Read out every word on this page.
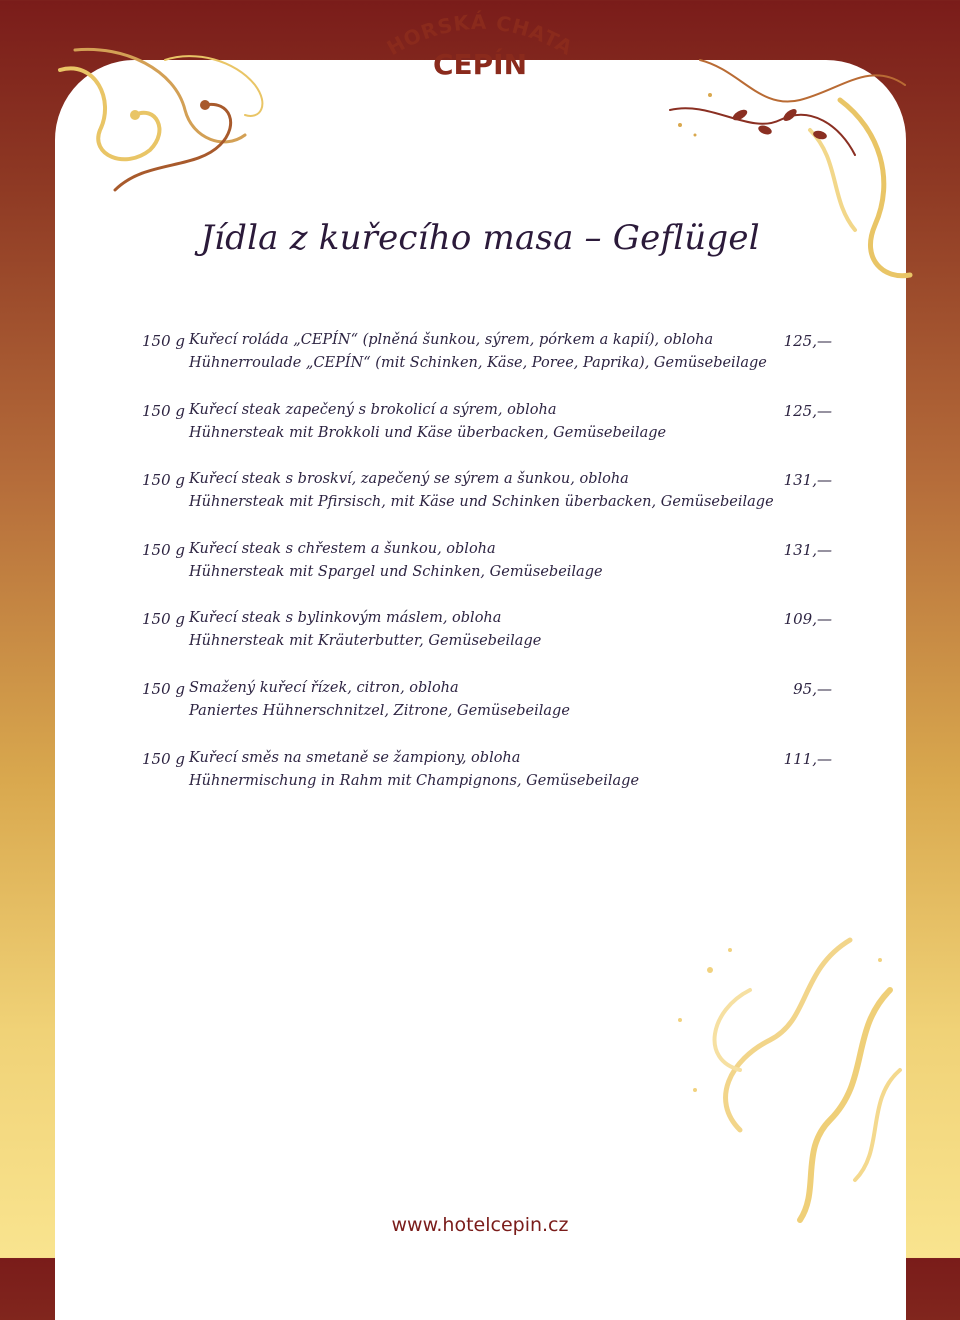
HORSKÁ CHATA
CEPÍN
Jídla z kuřecího masa – Geflügel
150 g Kuřecí roláda „CEPÍN“ (plněná šunkou, sýrem, pórkem a kapií), obloha
Hühnerroulade „CEPÍN“ (mit Schinken, Käse, Poree, Paprika), Gemüsebeilage
125,—
150 g Kuřecí steak zapečený s brokolicí a sýrem, obloha
Hühnersteak mit Brokkoli und Käse überbacken, Gemüsebeilage
125,—
150 g Kuřecí steak s broskví, zapečený se sýrem a šunkou, obloha
Hühnersteak mit Pfirsisch, mit Käse und Schinken überbacken, Gemüsebeilage
131,—
150 g Kuřecí steak s chřestem a šunkou, obloha
Hühnersteak mit Spargel und Schinken, Gemüsebeilage
131,—
150 g Kuřecí steak s bylinkovým máslem, obloha
Hühnersteak mit Kräuterbutter, Gemüsebeilage
109,—
150 g Smažený kuřecí řízek, citron, obloha
Paniertes Hühnerschnitzel, Zitrone, Gemüsebeilage
95,—
150 g Kuřecí směs na smetaně se žampiony, obloha
Hühnermischung in Rahm mit Champignons, Gemüsebeilage
111,—
www.hotelcepin.cz
